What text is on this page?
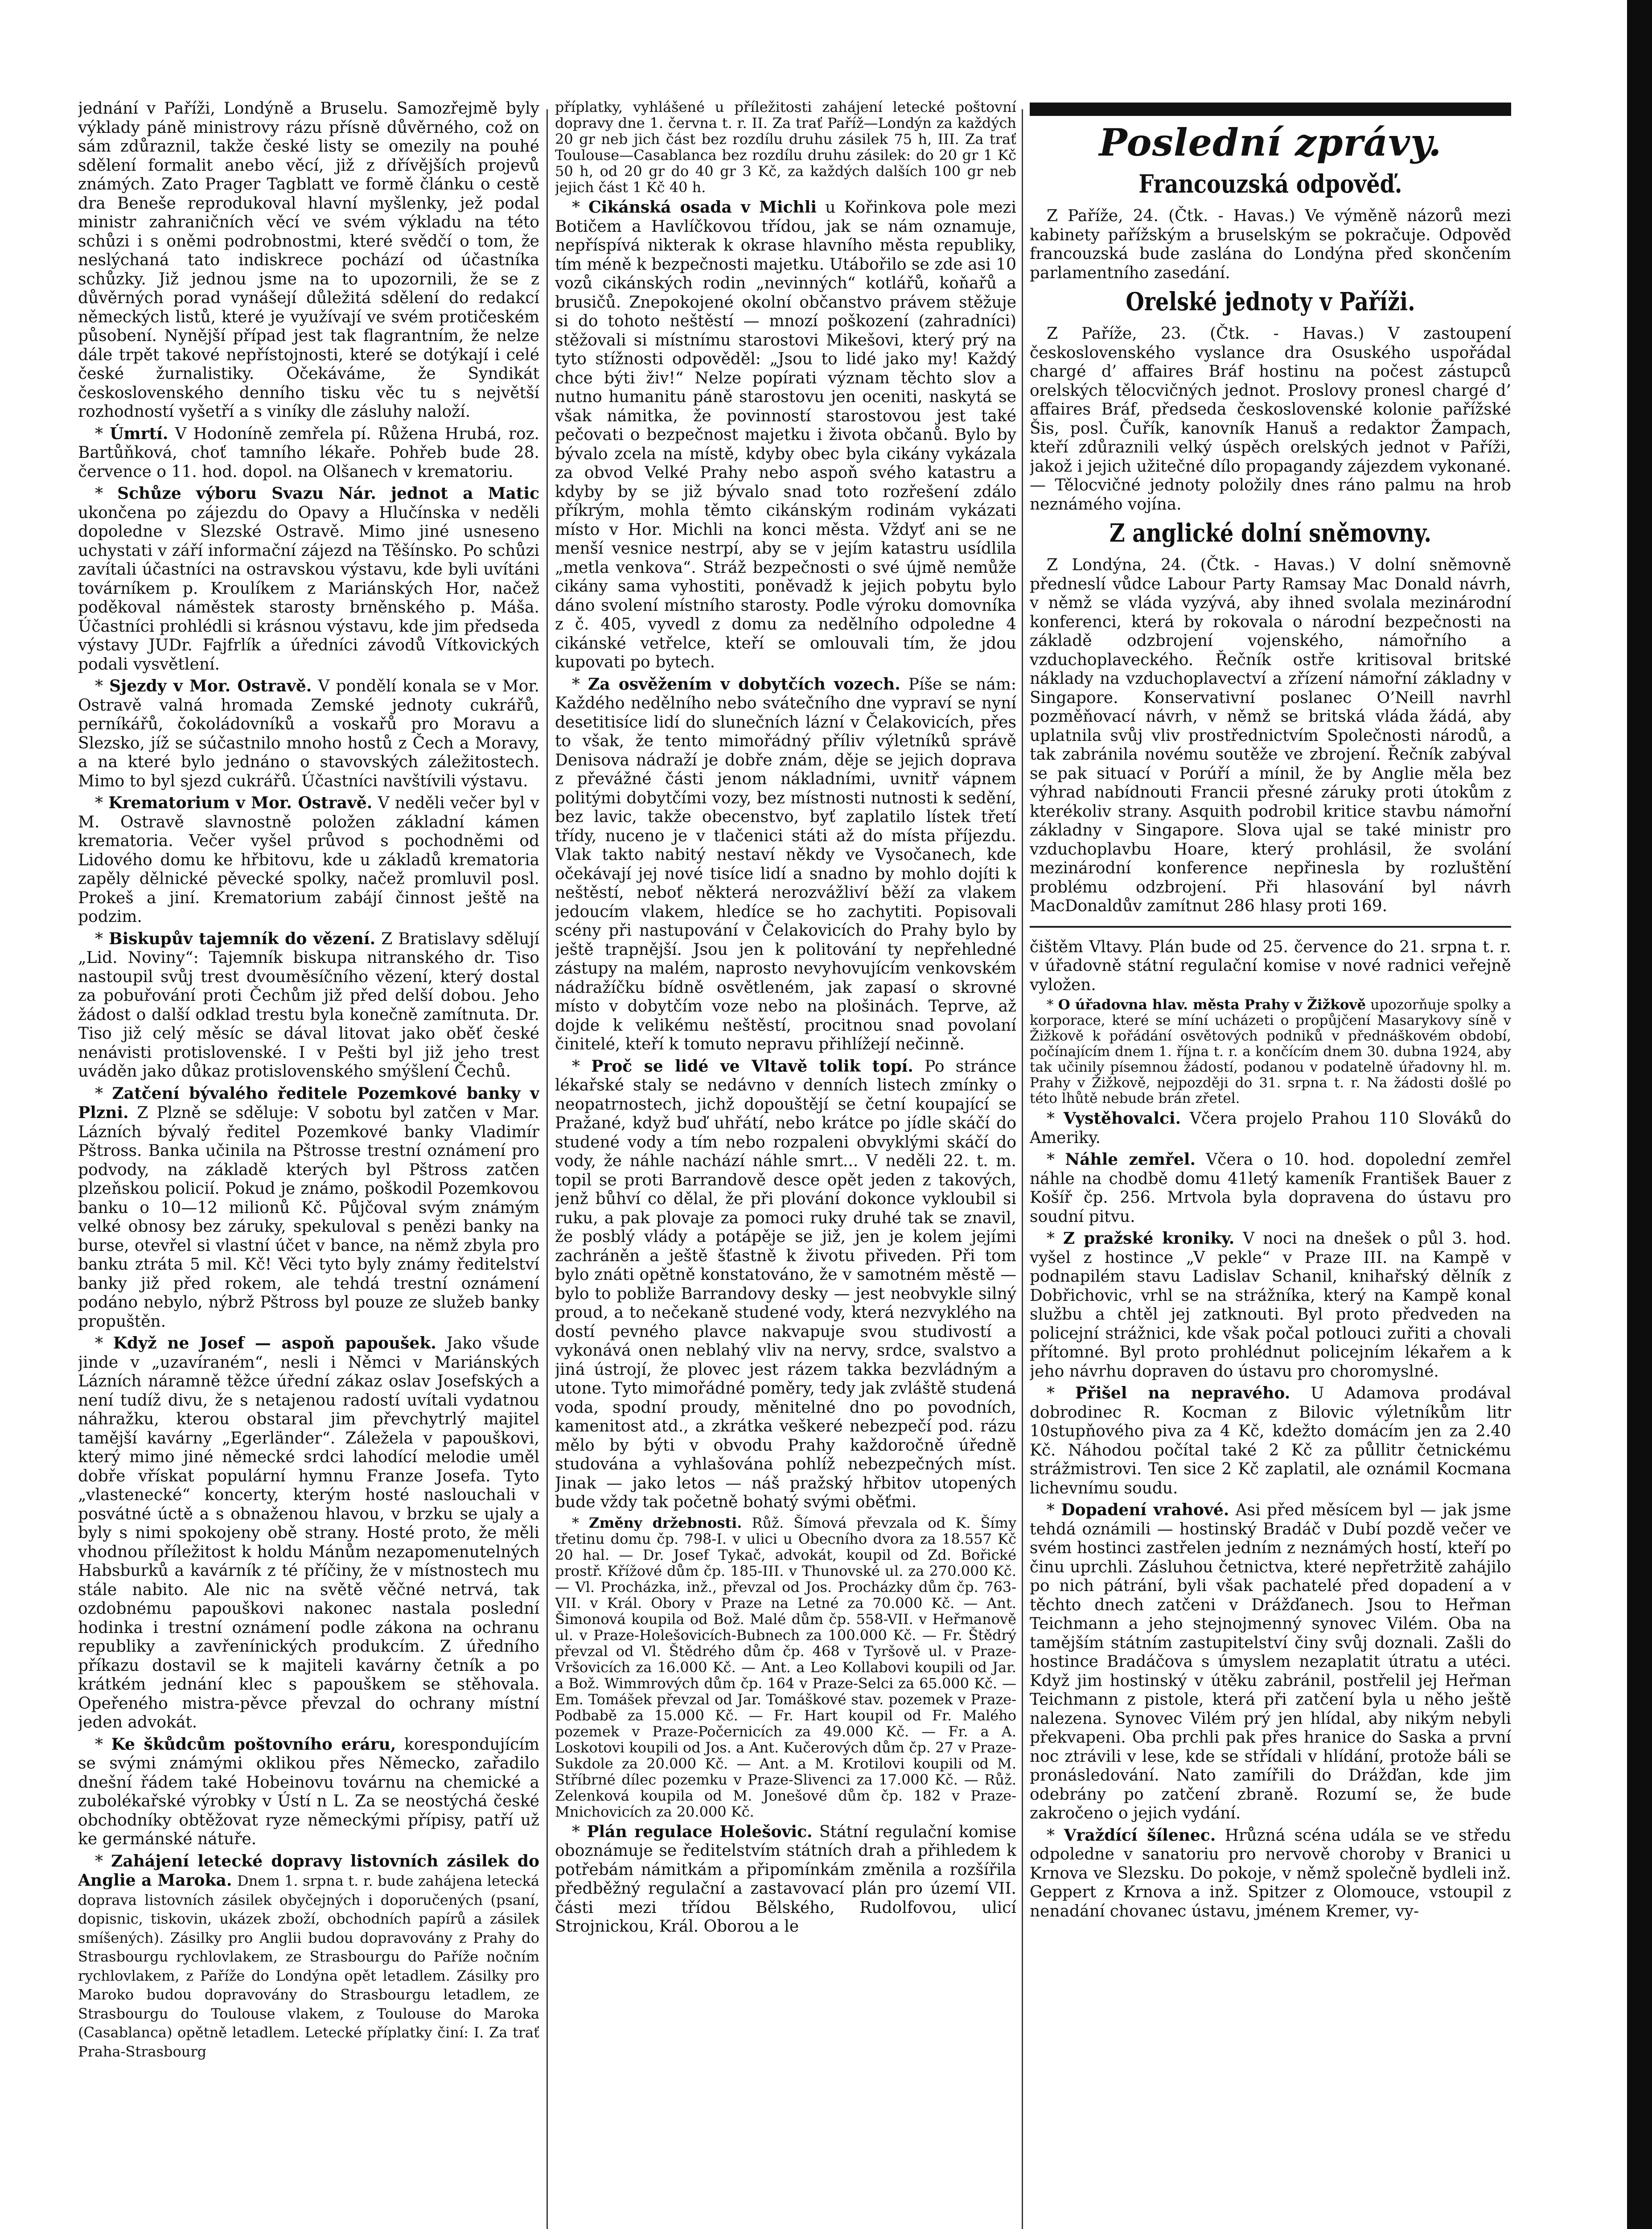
jednání v Paříži, Londýně a Bruselu. Samozřejmě byly výklady páně ministrovy rázu přísně důvěrného, což on sám zdůraznil, takže české listy se omezily na pouhé sdělení formalit anebo věcí, již z dřívějších projevů známých. Zato Prager Tagblatt ve formě článku o cestě dra Beneše reprodukoval hlavní myšlenky, jež podal ministr zahraničních věcí ve svém výkladu na této schůzi i s oněmi podrobnostmi, které svědčí o tom, že neslýchaná tato indiskrece pochází od účastníka schůzky. Již jednou jsme na to upozornili, že se z důvěrných porad vynášejí důležitá sdělení do redakcí německých listů, které je využívají ve svém protičeském působení. Nynější případ jest tak flagrantním, že nelze dále trpět takové nepřístojnosti, které se dotýkají i celé české žurnalistiky. Očekáváme, že Syndikát československého denního tisku věc tu s největší rozhodností vyšetří a s viníky dle zásluhy naloží.

* Úmrtí. V Hodoníně zemřela pí. Růžena Hrubá, roz. Bartůňková, choť tamního lékaře. Pohřeb bude 28. července o 11. hod. dopol. na Olšanech v krematoriu.

* Schůze výboru Svazu Nár. jednot a Matic ukončena po zájezdu do Opavy a Hlučínska v neděli dopoledne v Slezské Ostravě. Mimo jiné usneseno uchystati v září informační zájezd na Těšínsko. Po schůzi zavítali účastníci na ostravskou výstavu, kde byli uvítáni továrníkem p. Kroulíkem z Mariánských Hor, načež poděkoval náměstek starosty brněnského p. Máša. Účastníci prohlédli si krásnou výstavu, kde jim předseda výstavy JUDr. Fajfrlík a úředníci závodů Vítkovických podali vysvětlení.

* Sjezdy v Mor. Ostravě. V pondělí konala se v Mor. Ostravě valná hromada Zemské jednoty cukrářů, perníkářů, čokoládovníků a voskařů pro Moravu a Slezsko, jíž se súčastnilo mnoho hostů z Čech a Moravy, a na které bylo jednáno o stavovských záležitostech. Mimo to byl sjezd cukrářů. Účastníci navštívili výstavu.

* Krematorium v Mor. Ostravě. V neděli večer byl v M. Ostravě slavnostně položen základní kámen krematoria. Večer vyšel průvod s pochodněmi od Lidového domu ke hřbitovu, kde u základů krematoria zapěly dělnické pěvecké spolky, načež promluvil posl. Prokeš a jiní. Krematorium zabájí činnost ještě na podzim.

* Biskupův tajemník do vězení. Z Bratislavy sdělují „Lid. Noviny“: Tajemník biskupa nitranského dr. Tiso nastoupil svůj trest dvouměsíčního vězení, který dostal za pobuřování proti Čechům již před delší dobou. Jeho žádost o další odklad trestu byla konečně zamítnuta. Dr. Tiso již celý měsíc se dával litovat jako oběť české nenávisti protislovenské. I v Pešti byl již jeho trest uváděn jako důkaz protislovenského smýšlení Čechů.

* Zatčení bývalého ředitele Pozemkové banky v Plzni. Z Plzně se sděluje: V sobotu byl zatčen v Mar. Lázních bývalý ředitel Pozemkové banky Vladimír Pštross. Banka učinila na Pštrosse trestní oznámení pro podvody, na základě kterých byl Pštross zatčen plzeňskou policií. Pokud je známo, poškodil Pozemkovou banku o 10—12 milionů Kč. Půjčoval svým známým velké obnosy bez záruky, spekuloval s penězi banky na burse, otevřel si vlastní účet v bance, na němž zbyla pro banku ztráta 5 mil. Kč! Věci tyto byly známy ředitelství banky již před rokem, ale tehdá trestní oznámení podáno nebylo, nýbrž Pštross byl pouze ze služeb banky propuštěn.

* Když ne Josef — aspoň papoušek. Jako všude jinde v „uzavíraném“, nesli i Němci v Mariánských Lázních náramně těžce úřední zákaz oslav Josefských a není tudíž divu, že s netajenou radostí uvítali vydatnou náhražku, kterou obstaral jim převchytrlý majitel tamější kavárny „Egerländer“. Záležela v papouškovi, který mimo jiné německé srdci lahodící melodie uměl dobře vřískat populární hymnu Franze Josefa. Tyto „vlastenecké“ koncerty, kterým hosté naslouchali v posvátné úctě a s obnaženou hlavou, v brzku se ujaly a byly s nimi spokojeny obě strany. Hosté proto, že měli vhodnou příležitost k holdu Mánům nezapomenutelných Habsburků a kavárník z té příčiny, že v místnostech mu stále nabito. Ale nic na světě věčné netrvá, tak ozdobnému papouškovi nakonec nastala poslední hodinka i trestní oznámení podle zákona na ochranu republiky a zavřenínických produkcím. Z úředního příkazu dostavil se k majiteli kavárny četník a po krátkém jednání klec s papouškem se stěhovala. Opeřeného mistra-pěvce převzal do ochrany místní jeden advokát.

* Ke škůdcům poštovního eráru, korespondujícím se svými známými oklikou přes Německo, zařadilo dnešní řádem také Hobeinovu továrnu na chemické a zubolékařské výrobky v Ústí n L. Za se neostýchá české obchodníky obtěžovat ryze německými přípisy, patří už ke germánské nátuře.

* Zahájení letecké dopravy listovních zásilek do Anglie a Maroka. Dnem 1. srpna t. r. bude zahájena letecká doprava listovních zásilek obyčejných i doporučených (psaní, dopisnic, tiskovin, ukázek zboží, obchodních papírů a zásilek smíšených). Zásilky pro Anglii budou dopravovány z Prahy do Strasbourgu rychlovlakem, ze Strasbourgu do Paříže nočním rychlovlakem, z Paříže do Londýna opět letadlem. Zásilky pro Maroko budou dopravovány do Strasbourgu letadlem, ze Strasbourgu do Toulouse vlakem, z Toulouse do Maroka (Casablanca) opětně letadlem. Letecké příplatky činí: I. Za trať Praha-Strasbourg

příplatky, vyhlášené u příležitosti zahájení letecké poštovní dopravy dne 1. června t. r. II. Za trať Paříž—Londýn za každých 20 gr neb jich část bez rozdílu druhu zásilek 75 h, III. Za trať Toulouse—Casablanca bez rozdílu druhu zásilek: do 20 gr 1 Kč 50 h, od 20 gr do 40 gr 3 Kč, za každých dalších 100 gr neb jejich část 1 Kč 40 h.

* Cikánská osada v Michli u Kořinkova pole mezi Botičem a Havlíčkovou třídou, jak se nám oznamuje, nepříspívá nikterak k okrase hlavního města republiky, tím méně k bezpečnosti majetku. Utábořilo se zde asi 10 vozů cikánských rodin „nevinných“ kotlářů, koňařů a brusičů. Znepokojené okolní občanstvo právem stěžuje si do tohoto neštěstí — mnozí poškození (zahradníci) stěžovali si místnímu starostovi Mikešovi, který prý na tyto stížnosti odpověděl: „Jsou to lidé jako my! Každý chce býti živ!“ Nelze popírati význam těchto slov a nutno humanitu páně starostovu jen oceniti, naskytá se však námitka, že povinností starostovou jest také pečovati o bezpečnost majetku i života občanů. Bylo by bývalo zcela na místě, kdyby obec byla cikány vykázala za obvod Velké Prahy nebo aspoň svého katastru a kdyby by se již bývalo snad toto rozřešení zdálo příkrým, mohla těmto cikánským rodinám vykázati místo v Hor. Michli na konci města. Vždyť ani se ne menší vesnice nestrpí, aby se v jejím katastru usídlila „metla venkova“. Stráž bezpečnosti o své újmě nemůže cikány sama vyhostiti, poněvadž k jejich pobytu bylo dáno svolení místního starosty. Podle výroku domovníka z č. 405, vyvedl z domu za nedělního odpoledne 4 cikánské vetřelce, kteří se omlouvali tím, že jdou kupovati po bytech.

* Za osvěžením v dobytčích vozech. Píše se nám: Každého nedělního nebo svátečního dne vypraví se nyní desetitisíce lidí do slunečních lázní v Čelakovicích, přes to však, že tento mimořádný příliv výletníků správě Denisova nádraží je dobře znám, děje se jejich doprava z převážné části jenom nákladními, uvnitř vápnem politými dobytčími vozy, bez místnosti nutnosti k sedění, bez lavic, takže obecenstvo, byť zaplatilo lístek třetí třídy, nuceno je v tlačenici státi až do místa příjezdu. Vlak takto nabitý nestaví někdy ve Vysočanech, kde očekávají jej nové tisíce lidí a snadno by mohlo dojíti k neštěstí, neboť některá nerozvážliví běží za vlakem jedoucím vlakem, hledíce se ho zachytiti. Popisovali scény při nastupování v Čelakovicích do Prahy bylo by ještě trapnější. Jsou jen k politování ty nepřehledné zástupy na malém, naprosto nevyhovujícím venkovském nádražíčku bídně osvětleném, jak zapasí o skrovné místo v dobytčím voze nebo na plošinách. Teprve, až dojde k velikému neštěstí, procitnou snad povolaní činitelé, kteří k tomuto nepravu přihlížejí nečinně.

* Proč se lidé ve Vltavě tolik topí. Po stránce lékařské staly se nedávno v denních listech zmínky o neopatrnostech, jichž dopouštějí se četní koupající se Pražané, když buď uhřátí, nebo krátce po jídle skáčí do studené vody a tím nebo rozpaleni obvyklými skáčí do vody, že náhle nachází náhle smrt... V neděli 22. t. m. topil se proti Barrandově desce opět jeden z takových, jenž bůhví co dělal, že při plování dokonce vykloubil si ruku, a pak plovaje za pomoci ruky druhé tak se znavil, že posblý vlády a potápěje se již, jen je kolem jejími zachráněn a ještě šťastně k životu přiveden. Při tom bylo znáti opětně konstatováno, že v samotném městě — bylo to pobliže Barrandovy desky — jest neobvykle silný proud, a to nečekaně studené vody, která nezvyklého na dostí pevného plavce nakvapuje svou studivostí a vykonává onen neblahý vliv na nervy, srdce, svalstvo a jiná ústrojí, že plovec jest rázem takka bezvládným a utone. Tyto mimořádné poměry, tedy jak zvláště studená voda, spodní proudy, měnitelné dno po povodních, kamenitost atd., a zkrátka veškeré nebezpečí pod. rázu mělo by býti v obvodu Prahy každoročně úředně studována a vyhlašována pohlíž nebezpečných míst. Jinak — jako letos — náš pražský hřbitov utopených bude vždy tak početně bohatý svými oběťmi.

* Změny držebnosti. Růž. Šímová převzala od K. Šímy třetinu domu čp. 798-I. v ulici u Obecního dvora za 18.557 Kč 20 hal. — Dr. Josef Tykač, advokát, koupil od Zd. Bořické prostř. Křížové dům čp. 185-III. v Thunovské ul. za 270.000 Kč. — Vl. Procházka, inž., převzal od Jos. Procházky dům čp. 763-VII. v Král. Obory v Praze na Letné za 70.000 Kč. — Ant. Šimonová koupila od Bož. Malé dům čp. 558-VII. v Heřmanově ul. v Praze-Holešovicích-Bubnech za 100.000 Kč. — Fr. Štědrý převzal od Vl. Štědrého dům čp. 468 v Tyršově ul. v Praze-Vršovicích za 16.000 Kč. — Ant. a Leo Kollabovi koupili od Jar. a Bož. Wimmrových dům čp. 164 v Praze-Selci za 65.000 Kč. — Em. Tomášek převzal od Jar. Tomáškové stav. pozemek v Praze-Podbabě za 15.000 Kč. — Fr. Hart koupil od Fr. Malého pozemek v Praze-Počernicích za 49.000 Kč. — Fr. a A. Loskotovi koupili od Jos. a Ant. Kučerových dům čp. 27 v Praze-Sukdole za 20.000 Kč. — Ant. a M. Krotilovi koupili od M. Stříbrné dílec pozemku v Praze-Slivenci za 17.000 Kč. — Růž. Zelenková koupila od M. Jonešové dům čp. 182 v Praze-Mnichovicích za 20.000 Kč.

* Plán regulace Holešovic. Státní regulační komise oboznámuje se ředitelstvím státních drah a přihledem k potřebám námitkám a připomínkám změnila a rozšířila předběžný regulační a zastavovací plán pro území VII. části mezi třídou Bělského, Rudolfovou, ulicí Strojnickou, Král. Oborou a le

Poslední zprávy.
Francouzská odpověď.

Z Paříže, 24. (Čtk. - Havas.) Ve výměně názorů mezi kabinety pařížským a bruselským se pokračuje. Odpověď francouzská bude zaslána do Londýna před skončením parlamentního zasedání.

Orelské jednoty v Paříži.

Z Paříže, 23. (Čtk. - Havas.) V zastoupení československého vyslance dra Osuského uspořádal chargé d’ affaires Bráf hostinu na počest zástupců orelských tělocvičných jednot. Proslovy pronesl chargé d’ affaires Bráf, předseda československé kolonie pařížské Šis, posl. Čuřík, kanovník Hanuš a redaktor Žampach, kteří zdůraznili velký úspěch orelských jednot v Paříži, jakož i jejich užitečné dílo propagandy zájezdem vykonané. — Tělocvičné jednoty položily dnes ráno palmu na hrob neznámého vojína.

Z anglické dolní sněmovny.

Z Londýna, 24. (Čtk. - Havas.) V dolní sněmovně předneslí vůdce Labour Party Ramsay Mac Donald návrh, v němž se vláda vyzývá, aby ihned svolala mezinárodní konferenci, která by rokovala o národní bezpečnosti na základě odzbrojení vojenského, námořního a vzduchoplaveckého. Řečník ostře kritisoval britské náklady na vzduchoplavectví a zřízení námořní základny v Singapore. Konservativní poslanec O’Neill navrhl pozměňovací návrh, v němž se britská vláda žádá, aby uplatnila svůj vliv prostřednictvím Společnosti národů, a tak zabránila novému soutěže ve zbrojení. Řečník zabýval se pak situací v Porúří a mínil, že by Anglie měla bez výhrad nabídnouti Francii přesné záruky proti útokům z kterékoliv strany. Asquith podrobil kritice stavbu námořní základny v Singapore. Slova ujal se také ministr pro vzduchoplavbu Hoare, který prohlásil, že svolání mezinárodní konference nepřinesla by rozluštění problému odzbrojení. Při hlasování byl návrh MacDonaldův zamítnut 286 hlasy proti 169.

čištěm Vltavy. Plán bude od 25. července do 21. srpna t. r. v úřadovně státní regulační komise v nové radnici veřejně vyložen.

* O úřadovna hlav. města Prahy v Žižkově upozorňuje spolky a korporace, které se míní ucházeti o propůjčení Masarykovy síně v Žižkově k pořádání osvětových podniků v přednáškovém období, počínajícím dnem 1. října t. r. a končícím dnem 30. dubna 1924, aby tak učinily písemnou žádostí, podanou v podatelně úřadovny hl. m. Prahy v Žižkově, nejpozději do 31. srpna t. r. Na žádosti došlé po této lhůtě nebude brán zřetel.

* Vystěhovalci. Včera projelo Prahou 110 Slováků do Ameriky.

* Náhle zemřel. Včera o 10. hod. dopolední zemřel náhle na chodbě domu 41letý kameník František Bauer z Košíř čp. 256. Mrtvola byla dopravena do ústavu pro soudní pitvu.

* Z pražské kroniky. V noci na dnešek o půl 3. hod. vyšel z hostince „V pekle“ v Praze III. na Kampě v podnapilém stavu Ladislav Schanil, knihařský dělník z Dobřichovic, vrhl se na strážníka, který na Kampě konal službu a chtěl jej zatknouti. Byl proto předveden na policejní strážnici, kde však počal potlouci zuřiti a chovali přítomné. Byl proto prohlédnut policejním lékařem a k jeho návrhu dopraven do ústavu pro choromyslné.

* Přišel na nepravého. U Adamova prodával dobrodinec R. Kocman z Bilovic výletníkům litr 10stupňového piva za 4 Kč, kdežto domácím jen za 2.40 Kč. Náhodou počítal také 2 Kč za půllitr četnickému strážmistrovi. Ten sice 2 Kč zaplatil, ale oznámil Kocmana lichevnímu soudu.

* Dopadení vrahové. Asi před měsícem byl — jak jsme tehdá oznámili — hostinský Bradáč v Dubí pozdě večer ve svém hostinci zastřelen jedním z neznámých hostí, kteří po činu uprchli. Zásluhou četnictva, které nepřetržitě zahájilo po nich pátrání, byli však pachatelé před dopadení a v těchto dnech zatčeni v Drážďanech. Jsou to Heřman Teichmann a jeho stejnojmenný synovec Vilém. Oba na tamějším státním zastupitelství činy svůj doznali. Zašli do hostince Bradáčova s úmyslem nezaplatit útratu a utéci. Když jim hostinský v útěku zabránil, postřelil jej Heřman Teichmann z pistole, která při zatčení byla u něho ještě nalezena. Synovec Vilém prý jen hlídal, aby nikým nebyli překvapeni. Oba prchli pak přes hranice do Saska a první noc ztrávili v lese, kde se střídali v hlídání, protože báli se pronásledování. Nato zamířili do Drážďan, kde jim odebrány po zatčení zbraně. Rozumí se, že bude zakročeno o jejich vydání.

* Vraždící šílenec. Hrůzná scéna udála se ve středu odpoledne v sanatoriu pro nervově choroby v Branici u Krnova ve Slezsku. Do pokoje, v němž společně bydleli inž. Geppert z Krnova a inž. Spitzer z Olomouce, vstoupil z nenadání chovanec ústavu, jménem Kremer, vy-
